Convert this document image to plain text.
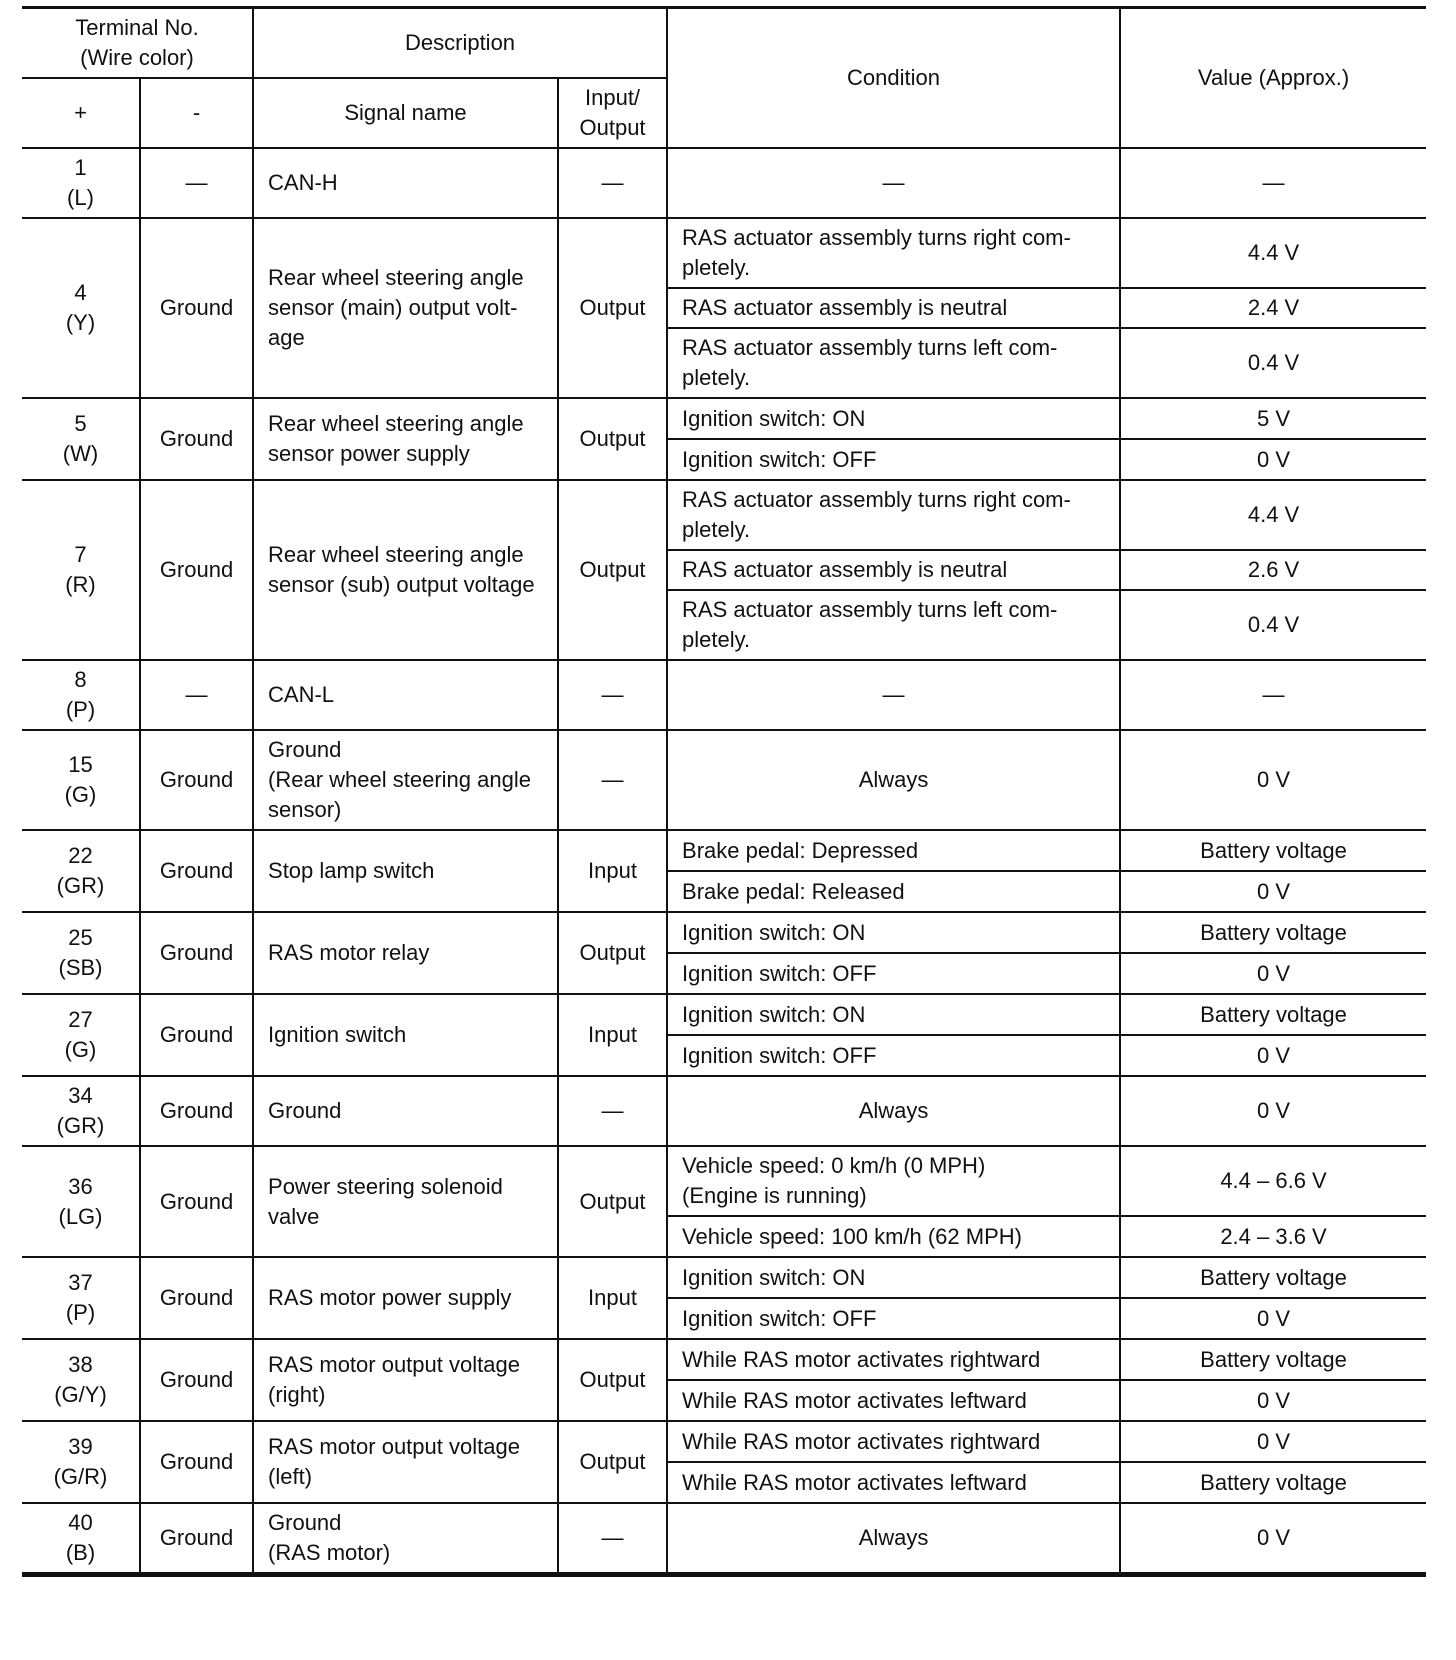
Terminal No.
(Wire color)		Description		Condition	Value (Approx.)
+	-	Signal name	Input/
Output		

1
(L)	—	CAN-H	—	—	—

4
(Y)	Ground	Rear wheel steering angle
sensor (main) output volt-
age	Output	RAS actuator assembly turns right com-
pletely.	4.4 V

				RAS actuator assembly is neutral	2.4 V

				RAS actuator assembly turns left com-
pletely.	0.4 V

5
(W)	Ground	Rear wheel steering angle
sensor power supply	Output	Ignition switch: ON	5 V

				Ignition switch: OFF	0 V

7
(R)	Ground	Rear wheel steering angle
sensor (sub) output voltage	Output	RAS actuator assembly turns right com-
pletely.	4.4 V

				RAS actuator assembly is neutral	2.6 V

				RAS actuator assembly turns left com-
pletely.	0.4 V

8
(P)	—	CAN-L	—	—	—

15
(G)	Ground	Ground
(Rear wheel steering angle
sensor)	—	Always	0 V

22
(GR)	Ground	Stop lamp switch	Input	Brake pedal: Depressed	Battery voltage

				Brake pedal: Released	0 V

25
(SB)	Ground	RAS motor relay	Output	Ignition switch: ON	Battery voltage

				Ignition switch: OFF	0 V

27
(G)	Ground	Ignition switch	Input	Ignition switch: ON	Battery voltage

				Ignition switch: OFF	0 V

34
(GR)	Ground	Ground	—	Always	0 V

36
(LG)	Ground	Power steering solenoid
valve	Output	Vehicle speed: 0 km/h (0 MPH)
(Engine is running)	4.4 – 6.6 V

				Vehicle speed: 100 km/h (62 MPH)	2.4 – 3.6 V

37
(P)	Ground	RAS motor power supply	Input	Ignition switch: ON	Battery voltage

				Ignition switch: OFF	0 V

38
(G/Y)	Ground	RAS motor output voltage
(right)	Output	While RAS motor activates rightward	Battery voltage

				While RAS motor activates leftward	0 V

39
(G/R)	Ground	RAS motor output voltage
(left)	Output	While RAS motor activates rightward	0 V

				While RAS motor activates leftward	Battery voltage

40
(B)	Ground	Ground
(RAS motor)	—	Always	0 V
